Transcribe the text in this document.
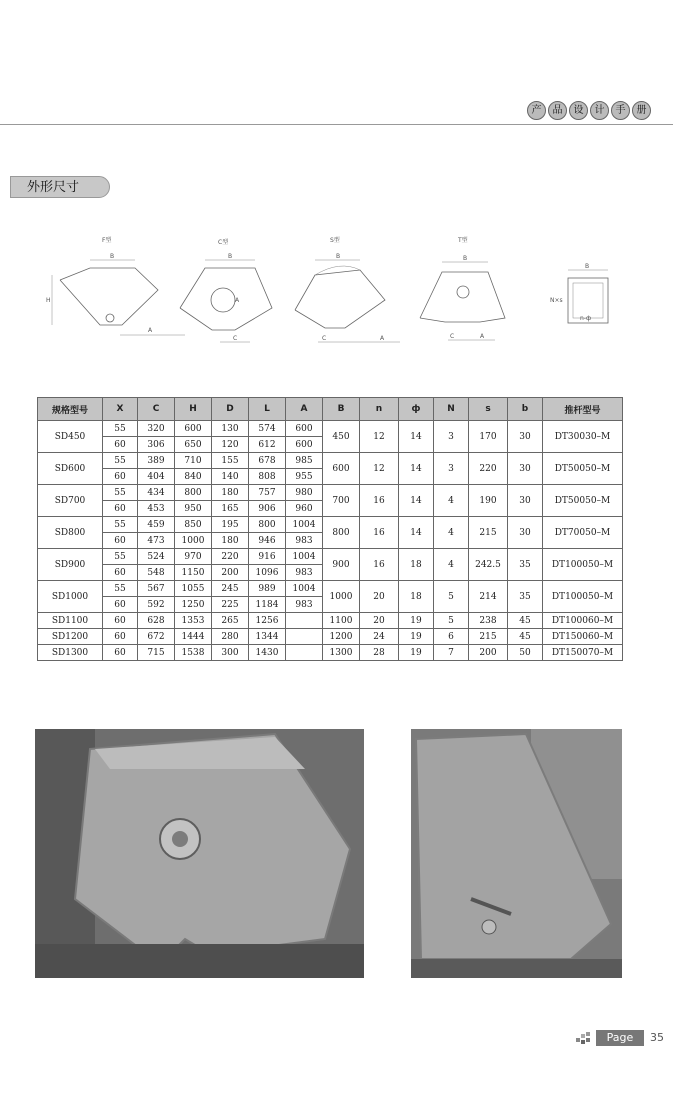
产	品	设	计	手	册
外形尺寸
F型
B
H
A
C型
B
A
C
S型
B
C	A
T型
B
C	A
B
N×s
n-ф
规格型号	X	C	H	D	L	A	B	n	ф	N	s	b	推杆型号
SD450	55	320	600	130	574	600	450	12	14	3	170	30	DT30030–M
	60	306	650	120	612	600							
SD600	55	389	710	155	678	985	600	12	14	3	220	30	DT50050–M
	60	404	840	140	808	955							
SD700	55	434	800	180	757	980	700	16	14	4	190	30	DT50050–M
	60	453	950	165	906	960							
SD800	55	459	850	195	800	1004	800	16	14	4	215	30	DT70050–M
	60	473	1000	180	946	983							
SD900	55	524	970	220	916	1004	900	16	18	4	242.5	35	DT100050–M
	60	548	1150	200	1096	983							
SD1000	55	567	1055	245	989	1004	1000	20	18	5	214	35	DT100050–M
	60	592	1250	225	1184	983							
SD1100	60	628	1353	265	1256		1100	20	19	5	238	45	DT100060–M
SD1200	60	672	1444	280	1344		1200	24	19	6	215	45	DT150060–M
SD1300	60	715	1538	300	1430		1300	28	19	7	200	50	DT150070–M
Page	35
